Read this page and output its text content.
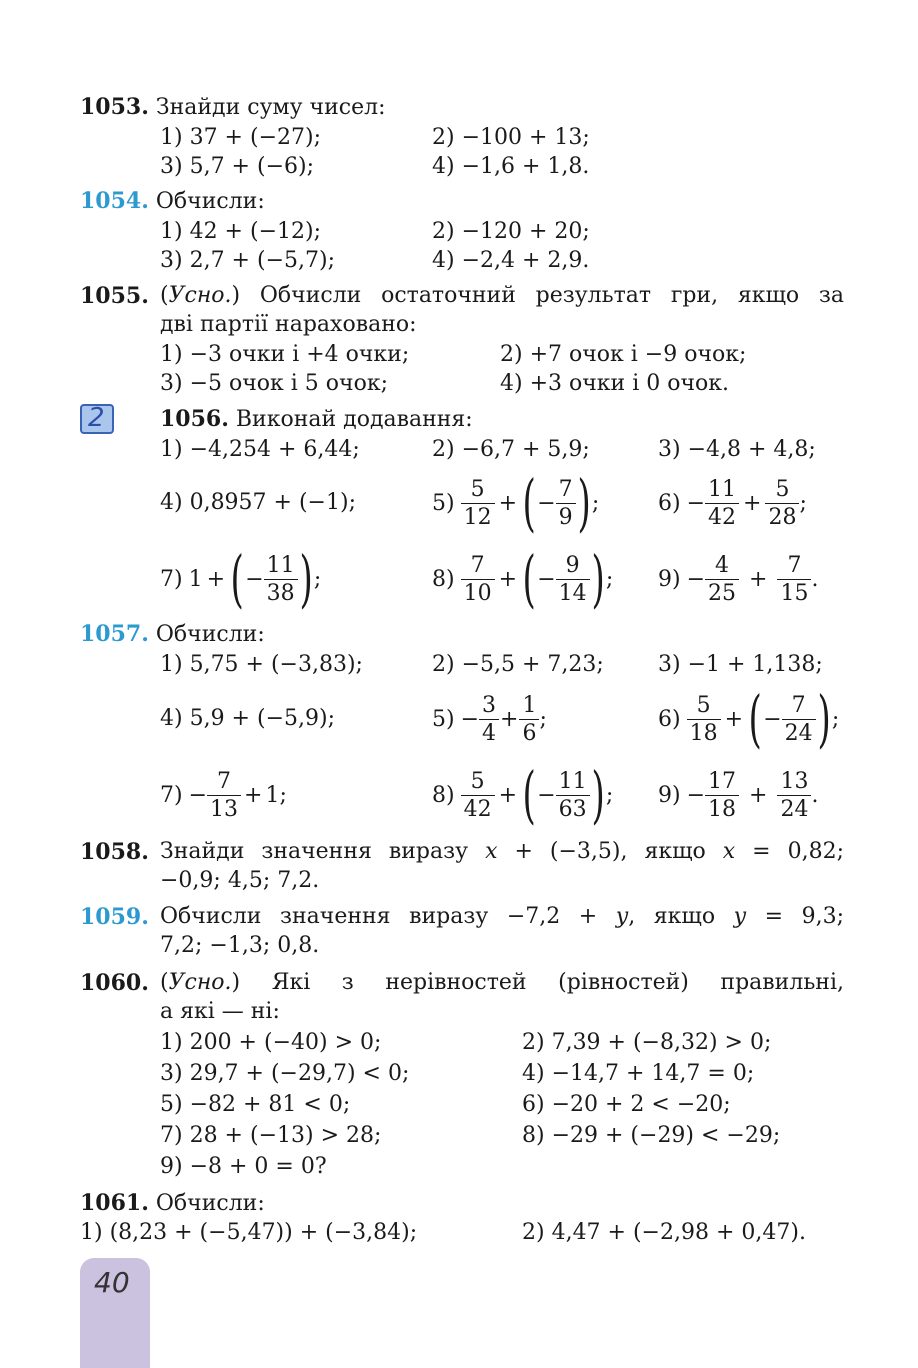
1053. Знайди суму чисел:
1) 37 + (−27);	2) −100 + 13;
3) 5,7 + (−6);	4) −1,6 + 1,8.
1054. Обчисли:
1) 42 + (−12);	2) −120 + 20;
3) 2,7 + (−5,7);	4) −2,4 + 2,9.
1055. (Усно.) Обчисли остаточний результат гри, якщо за
дві партії нараховано:
1) −3 очки і +4 очки;	2) +7 очок і −9 очок;
3) −5 очок і 5 очок;	4) +3 очки і 0 очок.
2	1056. Виконай додавання:
1) −4,254 + 6,44;	2) −6,7 + 5,9;	3) −4,8 + 4,8;
4) 0,8957 + (−1);	$5) \frac{5}{12}$ + ( − $\frac{7}{9}$ ) ;	$6) - \frac{11}{42} + \frac{5}{28}$ ;
7) 1 + ( − $\frac{11}{38}$ ) ;	$8) \frac{7}{10}$ + ( − $\frac{9}{14}$ ) ; $9) - \frac{4}{25} + \frac{7}{15}$ .
1057. Обчисли:
1) 5,75 + (−3,83);	2) −5,5 + 7,23; 3) −1 + 1,138;
4) 5,9 + (−5,9);	$5) - \frac{3}{4} + \frac{1}{6}$ ;	$6) \frac{5}{18}$ + ( − $\frac{7}{24}$ ) ;
$7) - \frac{7}{13} + 1$ ;	$8) \frac{5}{42}$ + ( − $\frac{11}{63}$ ) ; $9) - \frac{17}{18} + \frac{13}{24}$ .
1058. Знайди значення виразу x + (−3,5), якщо x = 0,82;
−0,9; 4,5; 7,2.
1059. Обчисли значення виразу −7,2 + y, якщо y = 9,3;
7,2; −1,3; 0,8.
1060. (Усно.) Які з нерівностей (рівностей) правильні,
а які — ні:
1) 200 + (−40) > 0;	2) 7,39 + (−8,32) > 0;
3) 29,7 + (−29,7) < 0;	4) −14,7 + 14,7 = 0;
5) −82 + 81 < 0;	6) −20 + 2 < −20;
7) 28 + (−13) > 28;	8) −29 + (−29) < −29;
9) −8 + 0 = 0?
1061. Обчисли:
1) (8,23 + (−5,47)) + (−3,84);	2) 4,47 + (−2,98 + 0,47).
40
